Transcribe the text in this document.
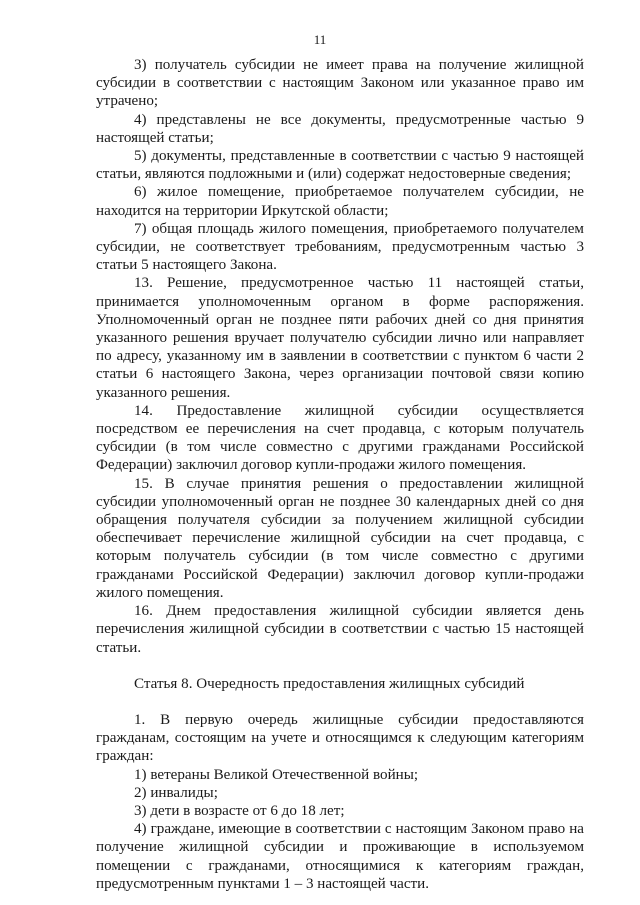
11

3) получатель субсидии не имеет права на получение жилищной субсидии в соответствии с настоящим Законом или указанное право им утрачено;

4) представлены не все документы, предусмотренные частью 9 настоящей статьи;

5) документы, представленные в соответствии с частью 9 настоящей статьи, являются подложными и (или) содержат недостоверные сведения;

6) жилое помещение, приобретаемое получателем субсидии, не находится на территории Иркутской области;

7) общая площадь жилого помещения, приобретаемого получателем субсидии, не соответствует требованиям, предусмотренным частью 3 статьи 5 настоящего Закона.

13. Решение, предусмотренное частью 11 настоящей статьи, принимается уполномоченным органом в форме распоряжения. Уполномоченный орган не позднее пяти рабочих дней со дня принятия указанного решения вручает получателю субсидии лично или направляет по адресу, указанному им в заявлении в соответствии с пунктом 6 части 2 статьи 6 настоящего Закона, через организации почтовой связи копию указанного решения.

14. Предоставление жилищной субсидии осуществляется посредством ее перечисления на счет продавца, с которым получатель субсидии (в том числе совместно с другими гражданами Российской Федерации) заключил договор купли-продажи жилого помещения.

15. В случае принятия решения о предоставлении жилищной субсидии уполномоченный орган не позднее 30 календарных дней со дня обращения получателя субсидии за получением жилищной субсидии обеспечивает перечисление жилищной субсидии на счет продавца, с которым получатель субсидии (в том числе совместно с другими гражданами Российской Федерации) заключил договор купли-продажи жилого помещения.

16. Днем предоставления жилищной субсидии является день перечисления жилищной субсидии в соответствии с частью 15 настоящей статьи.

Статья 8. Очередность предоставления жилищных субсидий

1. В первую очередь жилищные субсидии предоставляются гражданам, состоящим на учете и относящимся к следующим категориям граждан:

1) ветераны Великой Отечественной войны;

2) инвалиды;

3) дети в возрасте от 6 до 18 лет;

4) граждане, имеющие в соответствии с настоящим Законом право на получение жилищной субсидии и проживающие в используемом помещении с гражданами, относящимися к категориям граждан, предусмотренным пунктами 1 – 3 настоящей части.
